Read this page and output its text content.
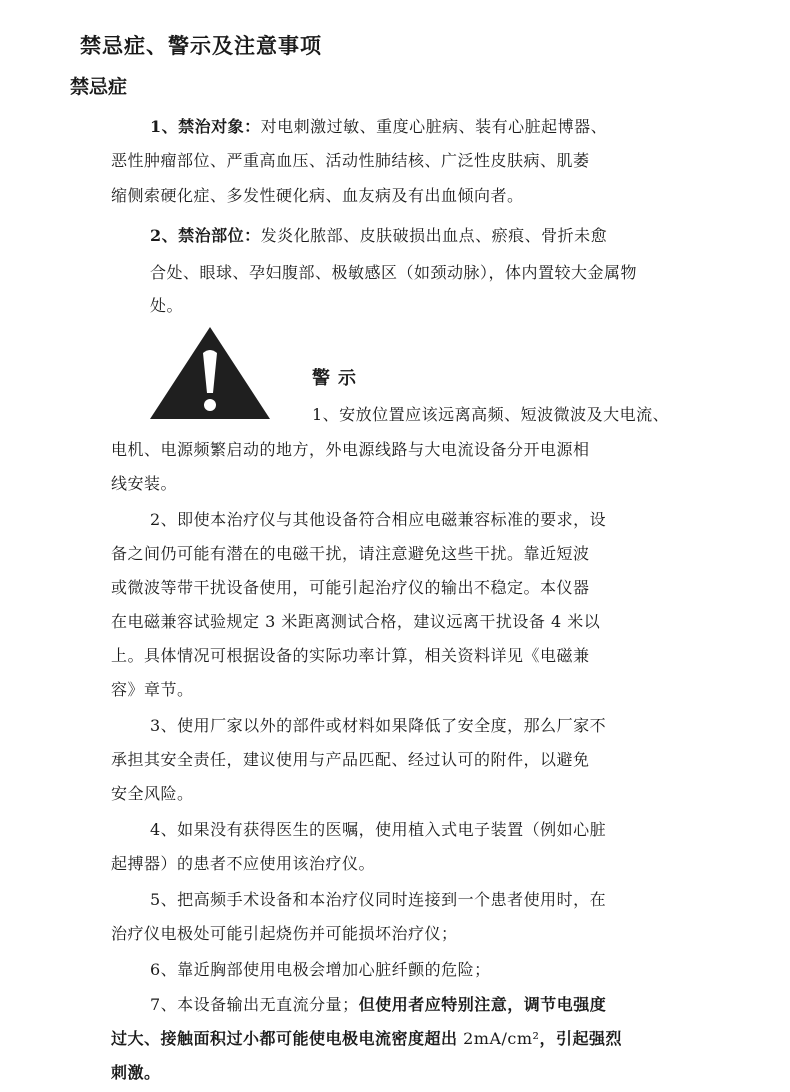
禁忌症、警示及注意事项
禁忌症

1、禁治对象：对电刺激过敏、重度心脏病、装有心脏起博器、

恶性肿瘤部位、严重高血压、活动性肺结核、广泛性皮肤病、肌萎

缩侧索硬化症、多发性硬化病、血友病及有出血倾向者。

2、禁治部位：发炎化脓部、皮肤破损出血点、瘀痕、骨折未愈

合处、眼球、孕妇腹部、极敏感区（如颈动脉），体内置较大金属物

处。

警示

1、安放位置应该远离高频、短波微波及大电流、

电机、电源频繁启动的地方，外电源线路与大电流设备分开电源相

线安装。

2、即使本治疗仪与其他设备符合相应电磁兼容标准的要求，设

备之间仍可能有潜在的电磁干扰，请注意避免这些干扰。靠近短波

或微波等带干扰设备使用，可能引起治疗仪的输出不稳定。本仪器

在电磁兼容试验规定 3 米距离测试合格，建议远离干扰设备 4 米以

上。具体情况可根据设备的实际功率计算，相关资料详见《电磁兼

容》章节。

3、使用厂家以外的部件或材料如果降低了安全度，那么厂家不

承担其安全责任，建议使用与产品匹配、经过认可的附件，以避免

安全风险。

4、如果没有获得医生的医嘱，使用植入式电子装置（例如心脏

起搏器）的患者不应使用该治疗仪。

5、把高频手术设备和本治疗仪同时连接到一个患者使用时，在

治疗仪电极处可能引起烧伤并可能损坏治疗仪；

6、靠近胸部使用电极会增加心脏纤颤的危险；

7、本设备输出无直流分量；但使用者应特别注意，调节电强度

过大、接触面积过小都可能使电极电流密度超出 2mA/cm²，引起强烈

刺激。
